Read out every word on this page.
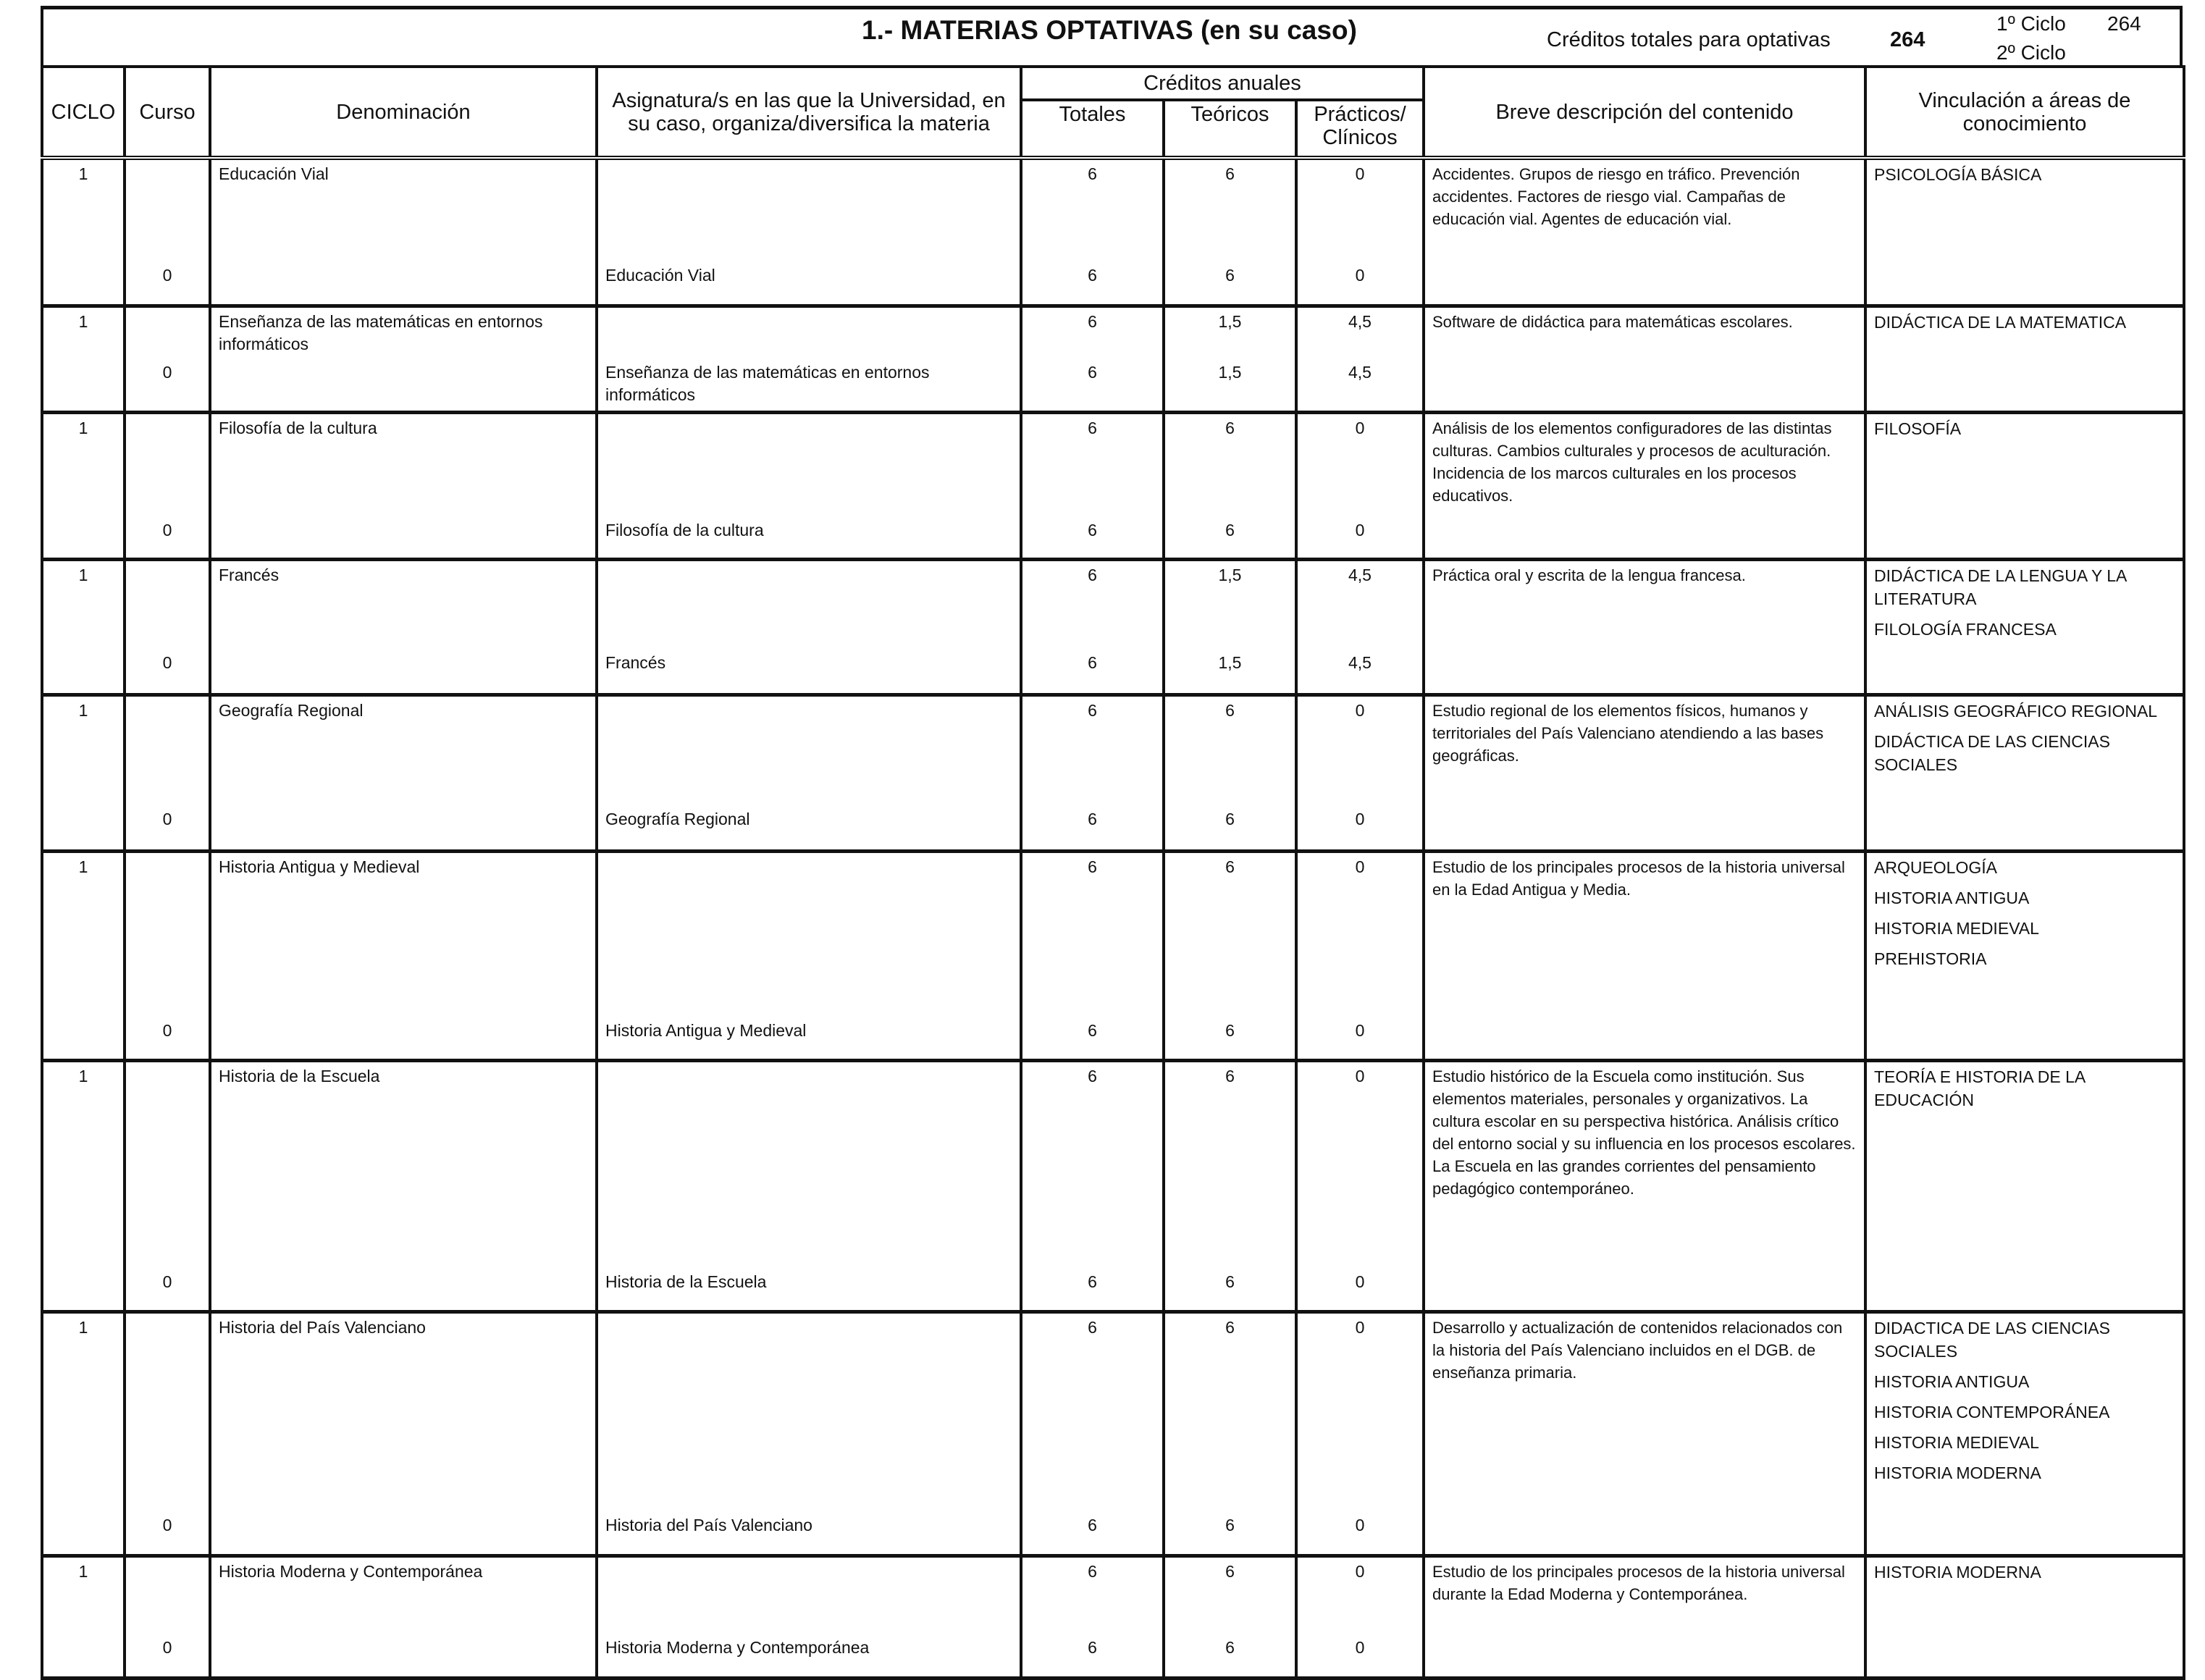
1.- MATERIAS OPTATIVAS (en su caso)	Créditos totales para optativas	264
1º Ciclo 264
2º Ciclo
CICLO	Curso	Denominación	Asignatura/s en las que la Universidad, en su caso, organiza/diversifica la materia	Créditos anuales			Breve descripción del contenido	Vinculación a áreas de conocimiento
				Totales	Teóricos	Prácticos/ Clínicos		
1		Educación Vial		6	6	0	Accidentes. Grupos de riesgo en tráfico. Prevención accidentes. Factores de riesgo vial. Campañas de educación vial. Agentes de educación vial.	PSICOLOGÍA BÁSICA

	0		Educación Vial	6	6	0		
1		Enseñanza de las matemáticas en entornos informáticos		6	1,5	4,5	Software de didáctica para matemáticas escolares.	DIDÁCTICA DE LA MATEMATICA

	0		Enseñanza de las matemáticas en entornos informáticos	6	1,5	4,5		
1		Filosofía de la cultura		6	6	0	Análisis de los elementos configuradores de las distintas culturas. Cambios culturales y procesos de aculturación. Incidencia de los marcos culturales en los procesos educativos.	FILOSOFÍA

	0		Filosofía de la cultura	6	6	0		
1		Francés		6	1,5	4,5	Práctica oral y escrita de la lengua francesa.	DIDÁCTICA DE LA LENGUA Y LA LITERATURA
FILOLOGÍA FRANCESA

	0		Francés	6	1,5	4,5		
1		Geografía Regional		6	6	0	Estudio regional de los elementos físicos, humanos y territoriales del País Valenciano atendiendo a las bases geográficas.	ANÁLISIS GEOGRÁFICO REGIONAL
DIDÁCTICA DE LAS CIENCIAS SOCIALES

	0		Geografía Regional	6	6	0		
1		Historia Antigua y Medieval		6	6	0	Estudio de los principales procesos de la historia universal en la Edad Antigua y Media.	ARQUEOLOGÍA
HISTORIA ANTIGUA
HISTORIA MEDIEVAL
PREHISTORIA

	0		Historia Antigua y Medieval	6	6	0		
1		Historia de la Escuela		6	6	0	Estudio histórico de la Escuela como institución. Sus elementos materiales, personales y organizativos. La cultura escolar en su perspectiva histórica. Análisis crítico del entorno social y su influencia en los procesos escolares. La Escuela en las grandes corrientes del pensamiento pedagógico contemporáneo.	TEORÍA E HISTORIA DE LA EDUCACIÓN

	0		Historia de la Escuela	6	6	0		
1		Historia del País Valenciano		6	6	0	Desarrollo y actualización de contenidos relacionados con la historia del País Valenciano incluidos en el DGB. de enseñanza primaria.	DIDACTICA DE LAS CIENCIAS SOCIALES
HISTORIA ANTIGUA
HISTORIA CONTEMPORÁNEA
HISTORIA MEDIEVAL
HISTORIA MODERNA

	0		Historia del País Valenciano	6	6	0		
1		Historia Moderna y Contemporánea		6	6	0	Estudio de los principales procesos de la historia universal durante la Edad Moderna y Contemporánea.	HISTORIA MODERNA

	0		Historia Moderna y Contemporánea	6	6	0		
